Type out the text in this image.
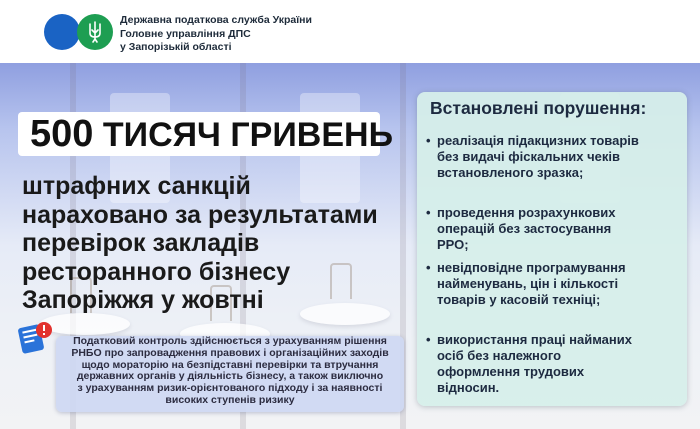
Державна податкова служба України
Головне управління ДПС
у Запорізькій області
500 ТИСЯЧ ГРИВЕНЬ
штрафних санкцій
нараховано за результатами
перевірок закладів
ресторанного бізнесу
Запоріжжя у жовтні
Податковий контроль здійснюється з урахуванням рішення
РНБО про запровадження правових і організаційних заходів
щодо мораторію на безпідставні перевірки та втручання
державних органів у діяльність бізнесу, а також виключно
з урахуванням ризик-орієнтованого підходу і за наявності
високих ступенів ризику
Встановлені порушення:
• реалізація підакцизних товарів
без видачі фіскальних чеків
встановленого зразка;
• проведення розрахункових
операцій без застосування
РРО;
• невідповідне програмування
найменувань, цін і кількості
товарів у касовій техніці;
• використання праці найманих
осіб без належного
оформлення трудових
відносин.
